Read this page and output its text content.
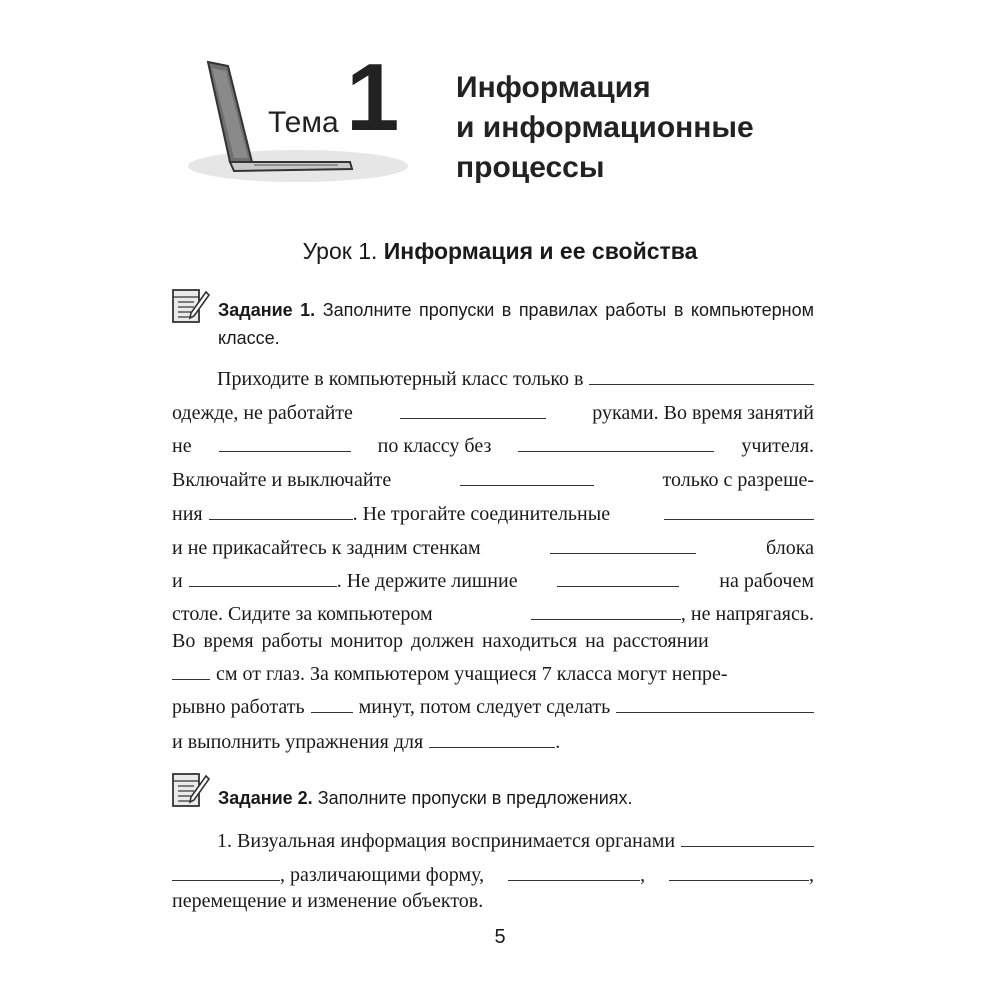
Тема 1 Информация
и информационные
процессы
Урок 1. Информация и ее свойства
Задание 1. Заполните пропуски в правилах работы в компьютерном классе.
Приходите в компьютерный класс только в
одежде, не работайте	руками. Во время занятий
не	по классу без	учителя.
Включайте и выключайте	только с разреше-
ния	. Не трогайте соединительные
и не прикасайтесь к задним стенкам	блока
и	. Не держите лишние	на рабочем
столе. Сидите за компьютером	, не напрягаясь.
Во время работы монитор должен находиться на расстоянии
см от глаз. За компьютером учащиеся 7 класса могут непре-
рывно работать	минут, потом следует сделать
и выполнить упражнения для	.
Задание 2. Заполните пропуски в предложениях.
1. Визуальная информация воспринимается органами
, различающими форму,	,	,
перемещение и изменение объектов.
5
